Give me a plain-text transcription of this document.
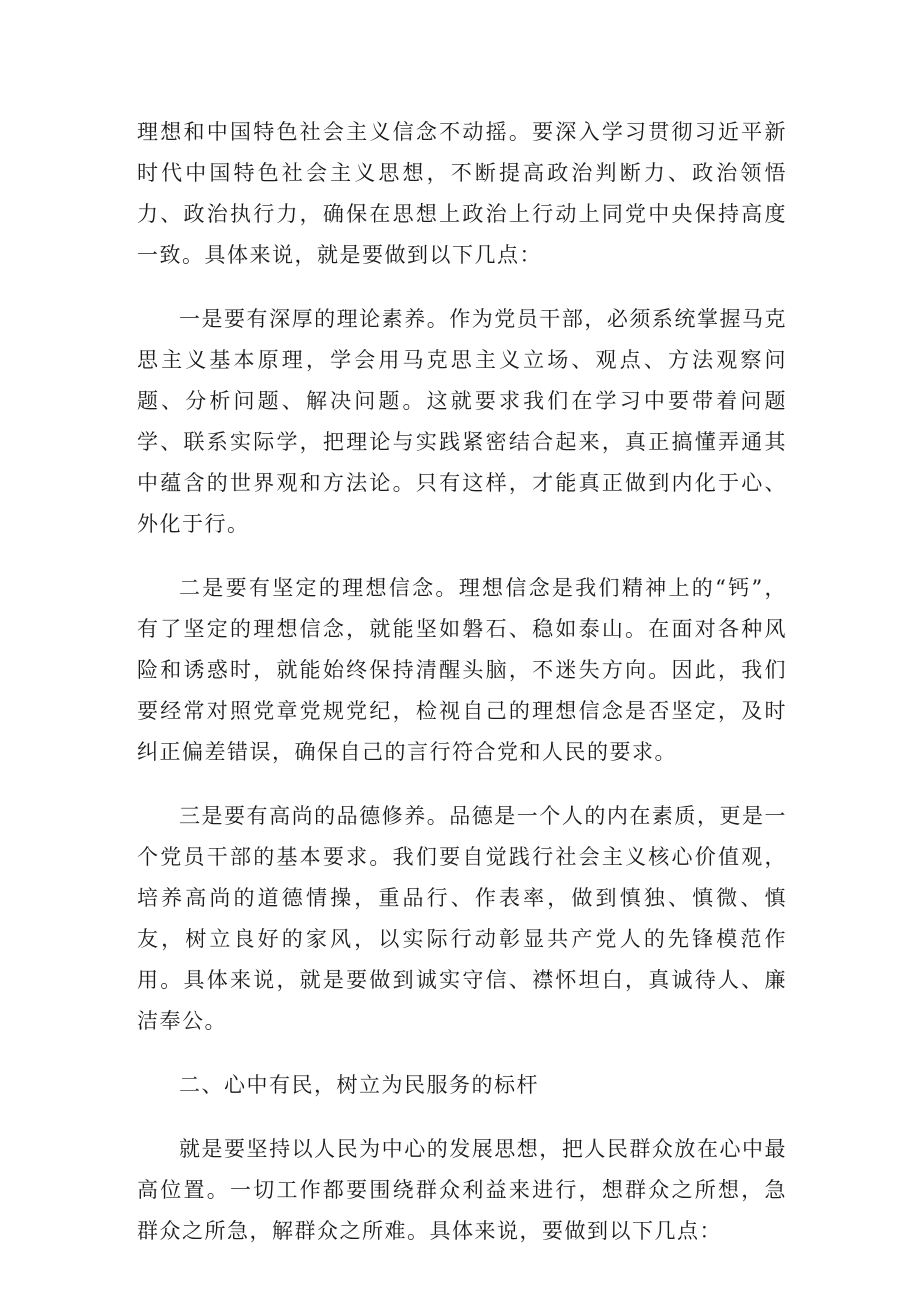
理想和中国特色社会主义信念不动摇。要深入学习贯彻习近平新时代中国特色社会主义思想，不断提高政治判断力、政治领悟力、政治执行力，确保在思想上政治上行动上同党中央保持高度一致。具体来说，就是要做到以下几点：

一是要有深厚的理论素养。作为党员干部，必须系统掌握马克思主义基本原理，学会用马克思主义立场、观点、方法观察问题、分析问题、解决问题。这就要求我们在学习中要带着问题学、联系实际学，把理论与实践紧密结合起来，真正搞懂弄通其中蕴含的世界观和方法论。只有这样，才能真正做到内化于心、外化于行。

二是要有坚定的理想信念。理想信念是我们精神上的“钙”，有了坚定的理想信念，就能坚如磐石、稳如泰山。在面对各种风险和诱惑时，就能始终保持清醒头脑，不迷失方向。因此，我们要经常对照党章党规党纪，检视自己的理想信念是否坚定，及时纠正偏差错误，确保自己的言行符合党和人民的要求。

三是要有高尚的品德修养。品德是一个人的内在素质，更是一个党员干部的基本要求。我们要自觉践行社会主义核心价值观，培养高尚的道德情操，重品行、作表率，做到慎独、慎微、慎友，树立良好的家风，以实际行动彰显共产党人的先锋模范作用。具体来说，就是要做到诚实守信、襟怀坦白，真诚待人、廉洁奉公。

二、心中有民，树立为民服务的标杆

就是要坚持以人民为中心的发展思想，把人民群众放在心中最高位置。一切工作都要围绕群众利益来进行，想群众之所想，急群众之所急，解群众之所难。具体来说，要做到以下几点：
